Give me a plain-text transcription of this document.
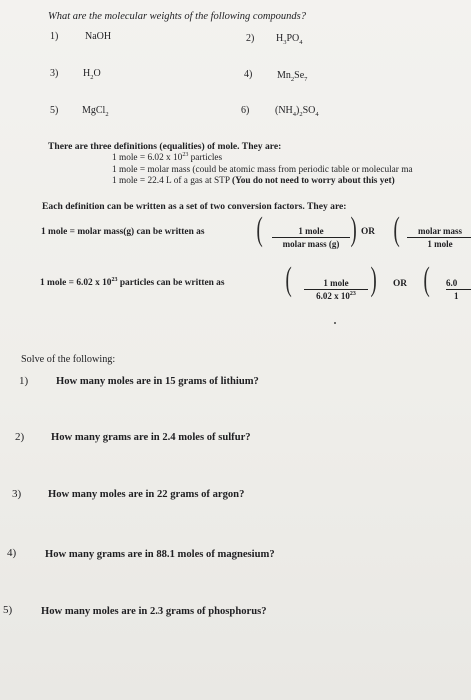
What are the molecular weights of the following compounds?
1)	NaOH	2) $H_3PO_4$
3) $H_2O$	4) $Mn_2Se_7$
5) MgCl$_2$	6)	$(NH_4)_2SO_4$
There are three definitions (equalities) of mole. They are:
1 mole = 6.02 x $10^{23}$ particles
1 mole = molar mass (could be atomic mass from periodic table or molecular ma
1 mole = 22.4 L of a gas at STP (You do not need to worry about this yet)
Each definition can be written as a set of two conversion factors. They are:
1 mole = molar mass(g) can be written as (	1 mole
molar mass (g) ) OR (	molar mass
1 mole
1 mole = 6.02 x $10^{23}$ particles can be written as (	1 mole
6.02 x $10^{23}$ ) OR ( $\frac{6.0}{1}$
Solve of the following:
1)	How many moles are in 15 grams of lithium?
2)	How many grams are in 2.4 moles of sulfur?
3)	How many moles are in 22 grams of argon?
4)	How many grams are in 88.1 moles of magnesium?
5)	How many moles are in 2.3 grams of phosphorus?
